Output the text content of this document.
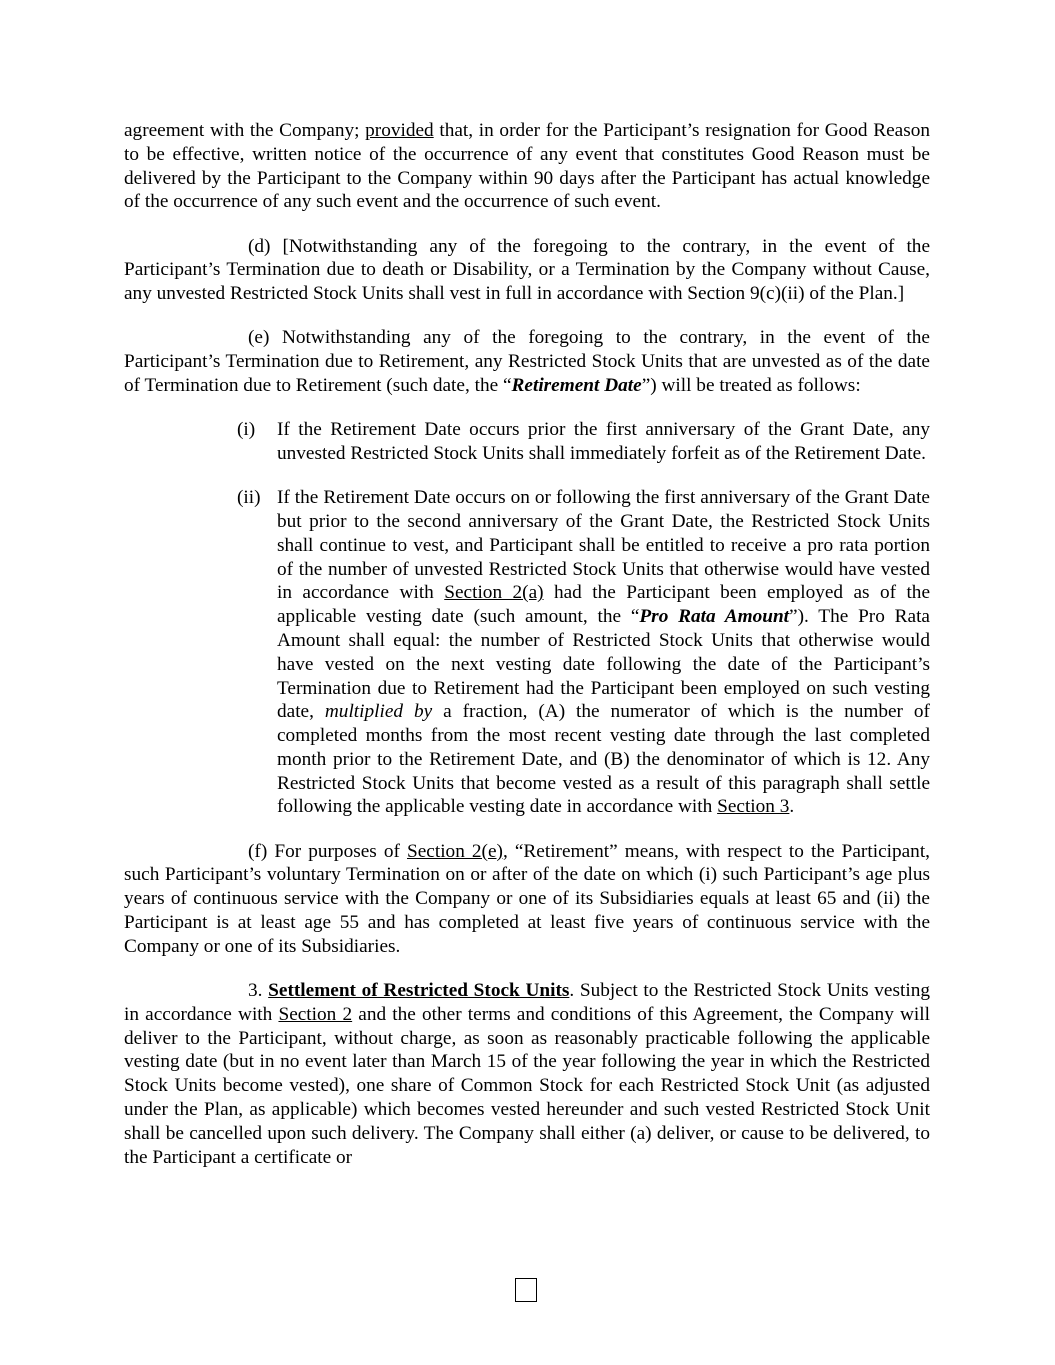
agreement with the Company; provided that, in order for the Participant’s resignation for Good Reason to be effective, written notice of the occurrence of any event that constitutes Good Reason must be delivered by the Participant to the Company within 90 days after the Participant has actual knowledge of the occurrence of any such event and the occurrence of such event.

(d) [Notwithstanding any of the foregoing to the contrary, in the event of the Participant’s Termination due to death or Disability, or a Termination by the Company without Cause, any unvested Restricted Stock Units shall vest in full in accordance with Section 9(c)(ii) of the Plan.]

(e) Notwithstanding any of the foregoing to the contrary, in the event of the Participant’s Termination due to Retirement, any Restricted Stock Units that are unvested as of the date of Termination due to Retirement (such date, the “Retirement Date”) will be treated as follows:

(i) If the Retirement Date occurs prior the first anniversary of the Grant Date, any unvested Restricted Stock Units shall immediately forfeit as of the Retirement Date.
(ii) If the Retirement Date occurs on or following the first anniversary of the Grant Date but prior to the second anniversary of the Grant Date, the Restricted Stock Units shall continue to vest, and Participant shall be entitled to receive a pro rata portion of the number of unvested Restricted Stock Units that otherwise would have vested in accordance with Section 2(a) had the Participant been employed as of the applicable vesting date (such amount, the “Pro Rata Amount”). The Pro Rata Amount shall equal: the number of Restricted Stock Units that otherwise would have vested on the next vesting date following the date of the Participant’s Termination due to Retirement had the Participant been employed on such vesting date, multiplied by a fraction, (A) the numerator of which is the number of completed months from the most recent vesting date through the last completed month prior to the Retirement Date, and (B) the denominator of which is 12. Any Restricted Stock Units that become vested as a result of this paragraph shall settle following the applicable vesting date in accordance with Section 3.

(f) For purposes of Section 2(e), “Retirement” means, with respect to the Participant, such Participant’s voluntary Termination on or after of the date on which (i) such Participant’s age plus years of continuous service with the Company or one of its Subsidiaries equals at least 65 and (ii) the Participant is at least age 55 and has completed at least five years of continuous service with the Company or one of its Subsidiaries.

3. Settlement of Restricted Stock Units. Subject to the Restricted Stock Units vesting in accordance with Section 2 and the other terms and conditions of this Agreement, the Company will deliver to the Participant, without charge, as soon as reasonably practicable following the applicable vesting date (but in no event later than March 15 of the year following the year in which the Restricted Stock Units become vested), one share of Common Stock for each Restricted Stock Unit (as adjusted under the Plan, as applicable) which becomes vested hereunder and such vested Restricted Stock Unit shall be cancelled upon such delivery. The Company shall either (a) deliver, or cause to be delivered, to the Participant a certificate or
